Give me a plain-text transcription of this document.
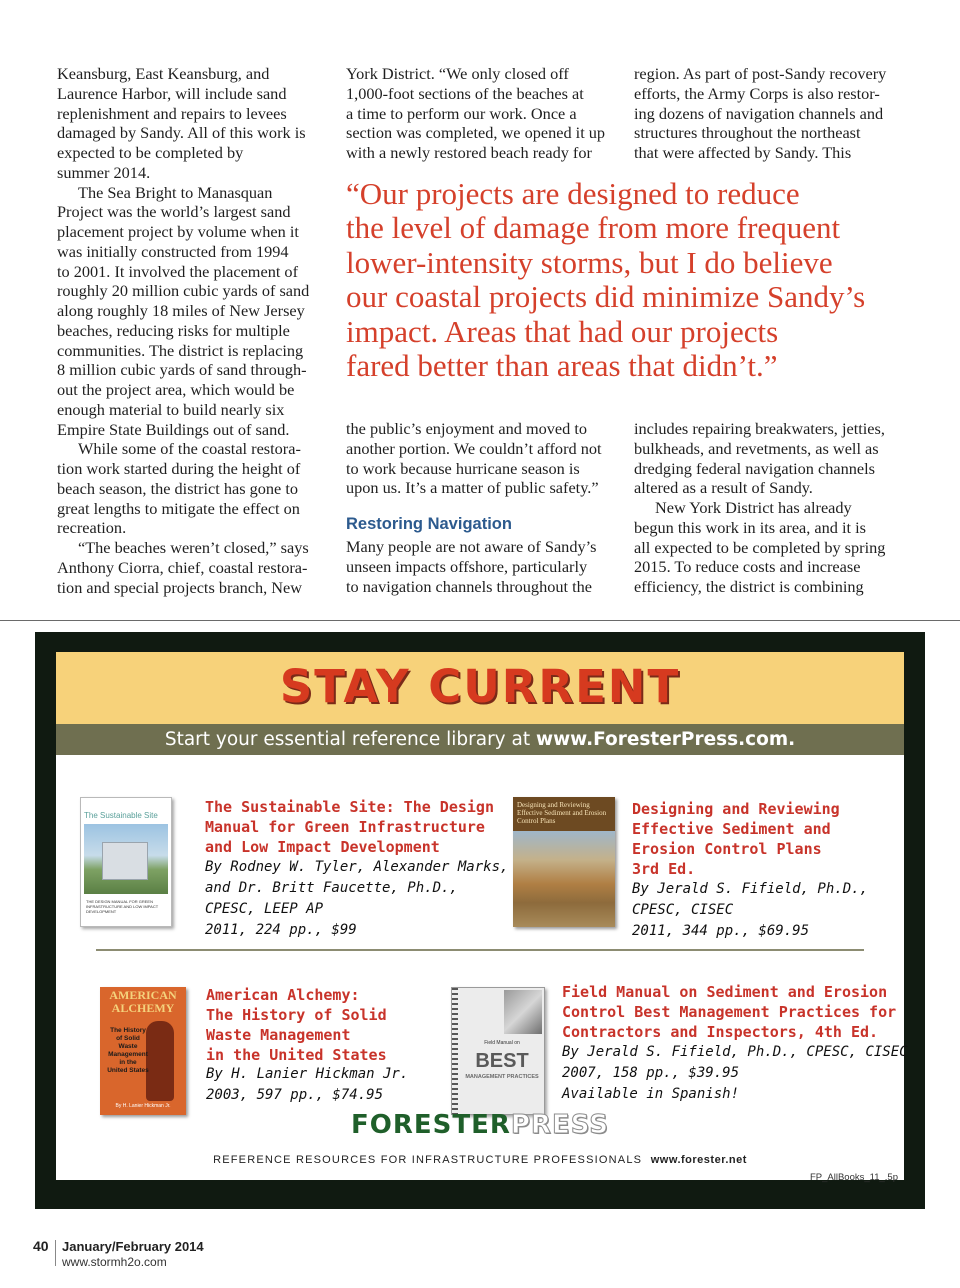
Keansburg, East Keansburg, and
Laurence Harbor, will include sand
replenishment and repairs to levees
damaged by Sandy. All of this work is
expected to be completed by
summer 2014.

The Sea Bright to Manasquan
Project was the world’s largest sand
placement project by volume when it
was initially constructed from 1994
to 2001. It involved the placement of
roughly 20 million cubic yards of sand
along roughly 18 miles of New Jersey
beaches, reducing risks for multiple
communities. The district is replacing
8 million cubic yards of sand through-
out the project area, which would be
enough material to build nearly six
Empire State Buildings out of sand.

While some of the coastal restora-
tion work started during the height of
beach season, the district has gone to
great lengths to mitigate the effect on
recreation.

“The beaches weren’t closed,” says
Anthony Ciorra, chief, coastal restora-
tion and special projects branch, New

York District. “We only closed off
1,000-foot sections of the beaches at
a time to perform our work. Once a
section was completed, we opened it up
with a newly restored beach ready for
region. As part of post-Sandy recovery
efforts, the Army Corps is also restor-
ing dozens of navigation channels and
structures throughout the northeast
that were affected by Sandy. This
“Our projects are designed to reduce
the level of damage from more frequent
lower-intensity storms, but I do believe
our coastal projects did minimize Sandy’s
impact. Areas that had our projects
fared better than areas that didn’t.”
the public’s enjoyment and moved to
another portion. We couldn’t afford not
to work because hurricane season is
upon us. It’s a matter of public safety.”
Restoring Navigation
Many people are not aware of Sandy’s
unseen impacts offshore, particularly
to navigation channels throughout the
includes repairing breakwaters, jetties,
bulkheads, and revetments, as well as
dredging federal navigation channels
altered as a result of Sandy.
New York District has already
begun this work in its area, and it is
all expected to be completed by spring
2015. To reduce costs and increase
efficiency, the district is combining
STAY CURRENT
Start your essential reference library at www.ForesterPress.com.
The Sustainable Site
THE DESIGN MANUAL FOR GREEN INFRASTRUCTURE AND LOW IMPACT DEVELOPMENT
The Sustainable Site: The Design
Manual for Green Infrastructure
and Low Impact Development
By Rodney W. Tyler, Alexander Marks,
and Dr. Britt Faucette, Ph.D.,
CPESC, LEEP AP
2011, 224 pp., $99
Designing and Reviewing Effective Sediment and Erosion Control Plans
Designing and Reviewing
Effective Sediment and
Erosion Control Plans
3rd Ed.
By Jerald S. Fifield, Ph.D.,
CPESC, CISEC
2011, 344 pp., $69.95
AMERICAN ALCHEMY
The History
of Solid
Waste
Management
in the
United States
By H. Lanier Hickman Jr.
American Alchemy:
The History of Solid
Waste Management
in the United States
By H. Lanier Hickman Jr.
2003, 597 pp., $74.95
Field Manual on
BEST
MANAGEMENT PRACTICES
Field Manual on Sediment and Erosion
Control Best Management Practices for
Contractors and Inspectors, 4th Ed.
By Jerald S. Fifield, Ph.D., CPESC, CISEC
2007, 158 pp., $39.95
Available in Spanish!
FORESTERPRESS
REFERENCE RESOURCES FOR INFRASTRUCTURE PROFESSIONALS www.forester.net
FP_AllBooks_11_.5p
40 January/February 2014
www.stormh2o.com
